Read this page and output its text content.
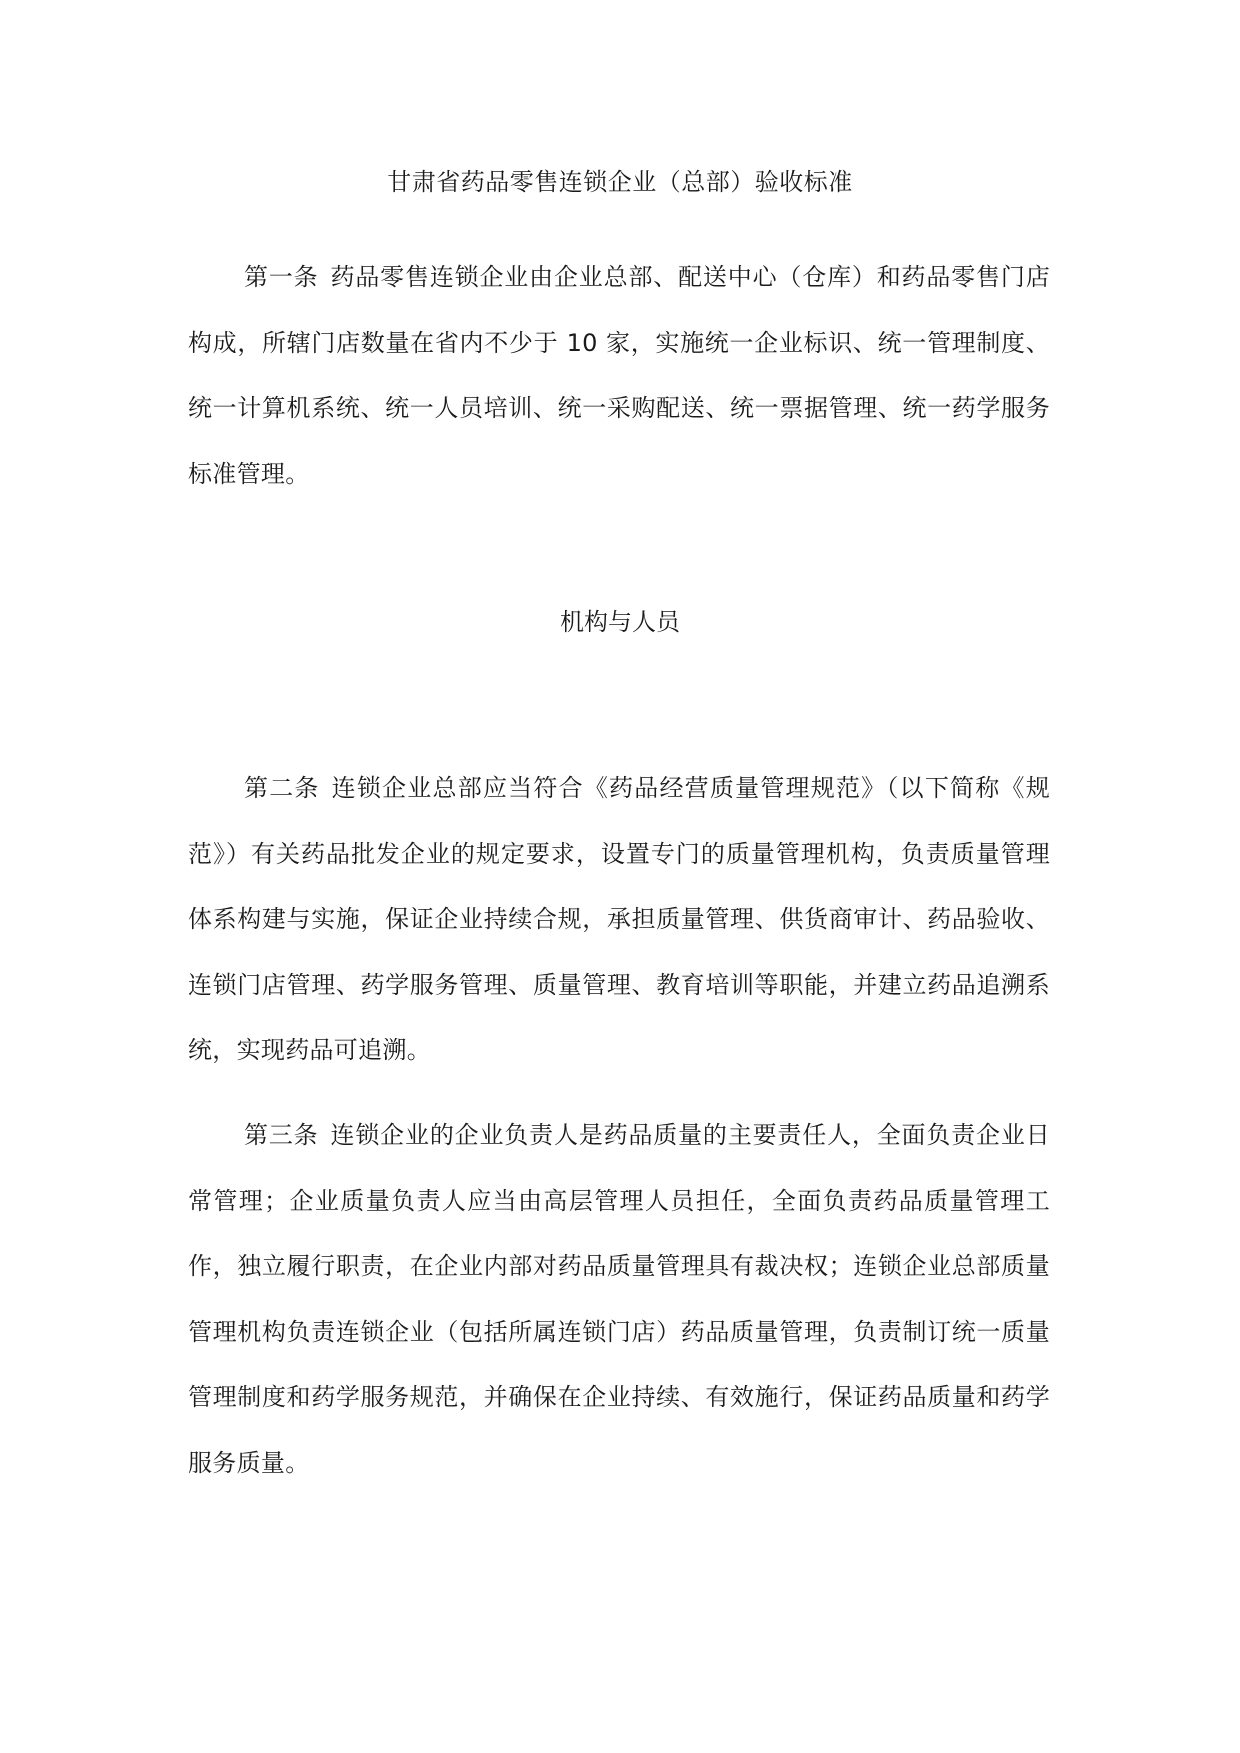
甘肃省药品零售连锁企业（总部）验收标准

第一条 药品零售连锁企业由企业总部、配送中心（仓库）和药品零售门店构成，所辖门店数量在省内不少于 10 家，实施统一企业标识、统一管理制度、统一计算机系统、统一人员培训、统一采购配送、统一票据管理、统一药学服务标准管理。

机构与人员

第二条 连锁企业总部应当符合《药品经营质量管理规范》（以下简称《规范》）有关药品批发企业的规定要求，设置专门的质量管理机构，负责质量管理体系构建与实施，保证企业持续合规，承担质量管理、供货商审计、药品验收、连锁门店管理、药学服务管理、质量管理、教育培训等职能，并建立药品追溯系统，实现药品可追溯。

第三条 连锁企业的企业负责人是药品质量的主要责任人，全面负责企业日常管理；企业质量负责人应当由高层管理人员担任，全面负责药品质量管理工作，独立履行职责，在企业内部对药品质量管理具有裁决权；连锁企业总部质量管理机构负责连锁企业（包括所属连锁门店）药品质量管理，负责制订统一质量管理制度和药学服务规范，并确保在企业持续、有效施行，保证药品质量和药学服务质量。
